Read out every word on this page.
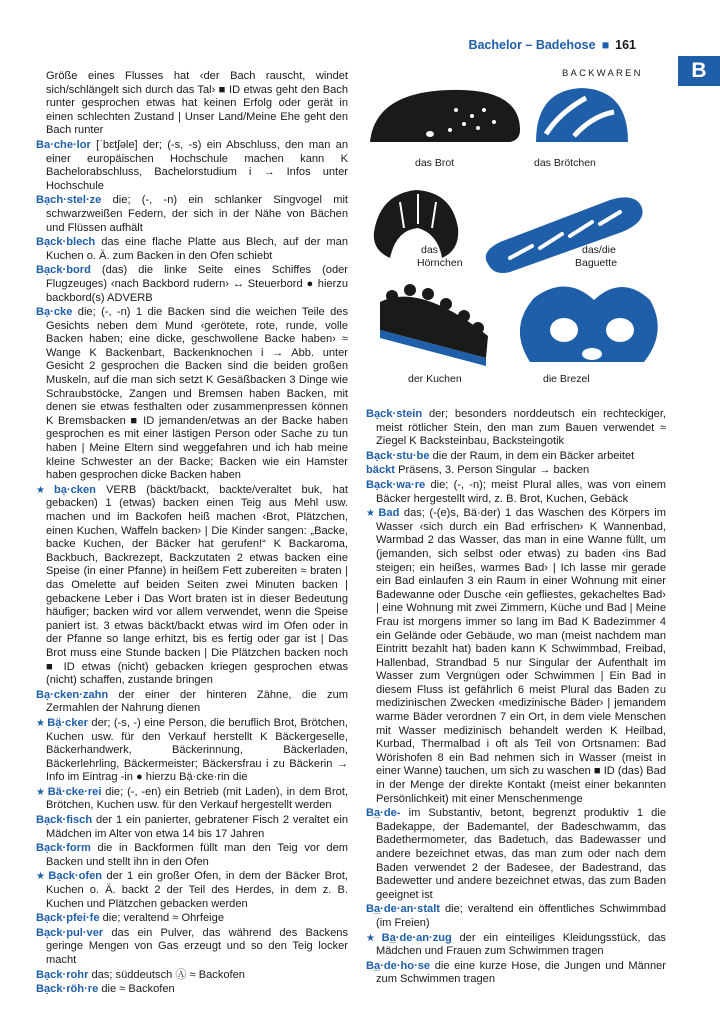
Bachelor – Badehose ■ 161
B
BACKWAREN
das Brot	das Brötchen
das
Hörnchen
das/die
Baguette
der Kuchen	die Brezel
Größe eines Flusses hat ‹der Bach rauscht, windet sich/schlängelt sich durch das Tal› ■ ID etwas geht den Bach runter gesprochen etwas hat keinen Erfolg oder gerät in einen schlechten Zustand | Unser Land/Meine Ehe geht den Bach runter
Ba·che·lor [ˈbɛtʃəle] der; (-s, -s) ein Abschluss, den man an einer europäischen Hochschule machen kann K Bachelorabschluss, Bachelorstudium i → Infos unter Hochschule
Bạch·stel·ze die; (-, -n) ein schlanker Singvogel mit schwarzweißen Federn, der sich in der Nähe von Bächen und Flüssen aufhält
Bạck·blech das eine flache Platte aus Blech, auf der man Kuchen o. Ä. zum Backen in den Ofen schiebt
Bạck·bord (das) die linke Seite eines Schiffes (oder Flugzeuges) ‹nach Backbord rudern› ↔ Steuerbord ● hierzu backbord(s) ADVERB
Bạ·cke die; (-, -n) 1 die Backen sind die weichen Teile des Gesichts neben dem Mund ‹gerötete, rote, runde, volle Backen haben; eine dicke, geschwollene Backe haben› ≈ Wange K Backenbart, Backenknochen i → Abb. unter Gesicht 2 gesprochen die Backen sind die beiden großen Muskeln, auf die man sich setzt K Gesäßbacken 3 Dinge wie Schraubstöcke, Zangen und Bremsen haben Backen, mit denen sie etwas festhalten oder zusammenpressen können K Bremsbacken ■ ID jemanden/etwas an der Backe haben gesprochen es mit einer lästigen Person oder Sache zu tun haben | Meine Eltern sind weggefahren und ich hab meine kleine Schwester an der Backe; Backen wie ein Hamster haben gesprochen dicke Backen haben
★ bạ·cken VERB (bäckt/backt, backte/veraltet buk, hat gebacken) 1 (etwas) backen einen Teig aus Mehl usw. machen und im Backofen heiß machen ‹Brot, Plätzchen, einen Kuchen, Waffeln backen› | Die Kinder sangen: „Backe, backe Kuchen, der Bäcker hat gerufen!“ K Backaroma, Backbuch, Backrezept, Backzutaten 2 etwas backen eine Speise (in einer Pfanne) in heißem Fett zubereiten ≈ braten | das Omelette auf beiden Seiten zwei Minuten backen | gebackene Leber i Das Wort braten ist in dieser Bedeutung häufiger; backen wird vor allem verwendet, wenn die Speise paniert ist. 3 etwas bäckt/backt etwas wird im Ofen oder in der Pfanne so lange erhitzt, bis es fertig oder gar ist | Das Brot muss eine Stunde backen | Die Plätzchen backen noch ■ ID etwas (nicht) gebacken kriegen gesprochen etwas (nicht) schaffen, zustande bringen
Bạ·cken·zahn der einer der hinteren Zähne, die zum Zermahlen der Nahrung dienen
★ Bạ̈·cker der; (-s, -) eine Person, die beruflich Brot, Brötchen, Kuchen usw. für den Verkauf herstellt K Bäckergeselle, Bäckerhandwerk, Bäckerinnung, Bäckerladen, Bäckerlehrling, Bäckermeister; Bäckersfrau i zu Bäckerin → Info im Eintrag -in ● hierzu Bạ̈·cke·rin die
★ Bä·cke·rei die; (-, -en) ein Betrieb (mit Laden), in dem Brot, Brötchen, Kuchen usw. für den Verkauf hergestellt werden
Bạck·fisch der 1 ein panierter, gebratener Fisch 2 veraltet ein Mädchen im Alter von etwa 14 bis 17 Jahren
Bạck·form die in Backformen füllt man den Teig vor dem Backen und stellt ihn in den Ofen
★ Bạck·ofen der 1 ein großer Ofen, in dem der Bäcker Brot, Kuchen o. Ä. backt 2 der Teil des Herdes, in dem z. B. Kuchen und Plätzchen gebacken werden
Bạck·pfei·fe die; veraltend ≈ Ohrfeige
Bạck·pul·ver das ein Pulver, das während des Backens geringe Mengen von Gas erzeugt und so den Teig locker macht
Bạck·rohr das; süddeutsch Ⓐ ≈ Backofen
Bạck·röh·re die ≈ Backofen
Bạck·stein der; besonders norddeutsch ein rechteckiger, meist rötlicher Stein, den man zum Bauen verwendet ≈ Ziegel K Backsteinbau, Backsteingotik
Bạck·stu·be die der Raum, in dem ein Bäcker arbeitet
bäckt Präsens, 3. Person Singular → backen
Bạck·wa·re die; (-, -n); meist Plural alles, was von einem Bäcker hergestellt wird, z. B. Brot, Kuchen, Gebäck
★ Bad das; (-(e)s, Bä·der) 1 das Waschen des Körpers im Wasser ‹sich durch ein Bad erfrischen› K Wannenbad, Warmbad 2 das Wasser, das man in eine Wanne füllt, um (jemanden, sich selbst oder etwas) zu baden ‹ins Bad steigen; ein heißes, warmes Bad› | Ich lasse mir gerade ein Bad einlaufen 3 ein Raum in einer Wohnung mit einer Badewanne oder Dusche ‹ein gefliestes, gekacheltes Bad› | eine Wohnung mit zwei Zimmern, Küche und Bad | Meine Frau ist morgens immer so lang im Bad K Badezimmer 4 ein Gelände oder Gebäude, wo man (meist nachdem man Eintritt bezahlt hat) baden kann K Schwimmbad, Freibad, Hallenbad, Strandbad 5 nur Singular der Aufenthalt im Wasser zum Vergnügen oder Schwimmen | Ein Bad in diesem Fluss ist gefährlich 6 meist Plural das Baden zu medizinischen Zwecken ‹medizinische Bäder› | jemandem warme Bäder verordnen 7 ein Ort, in dem viele Menschen mit Wasser medizinisch behandelt werden K Heilbad, Kurbad, Thermalbad i oft als Teil von Ortsnamen: Bad Wörishofen 8 ein Bad nehmen sich in Wasser (meist in einer Wanne) tauchen, um sich zu waschen ■ ID (das) Bad in der Menge der direkte Kontakt (meist einer bekannten Persönlichkeit) mit einer Menschenmenge
Ba̲·de- im Substantiv, betont, begrenzt produktiv 1 die Badekappe, der Bademantel, der Badeschwamm, das Badethermometer, das Badetuch, das Badewasser und andere bezeichnet etwas, das man zum oder nach dem Baden verwendet 2 der Badesee, der Badestrand, das Badewetter und andere bezeichnet etwas, das zum Baden geeignet ist
Ba̲·de·an·stalt die; veraltend ein öffentliches Schwimmbad (im Freien)
★ Ba̲·de·an·zug der ein einteiliges Kleidungsstück, das Mädchen und Frauen zum Schwimmen tragen
Ba̲·de·ho·se die eine kurze Hose, die Jungen und Männer zum Schwimmen tragen
